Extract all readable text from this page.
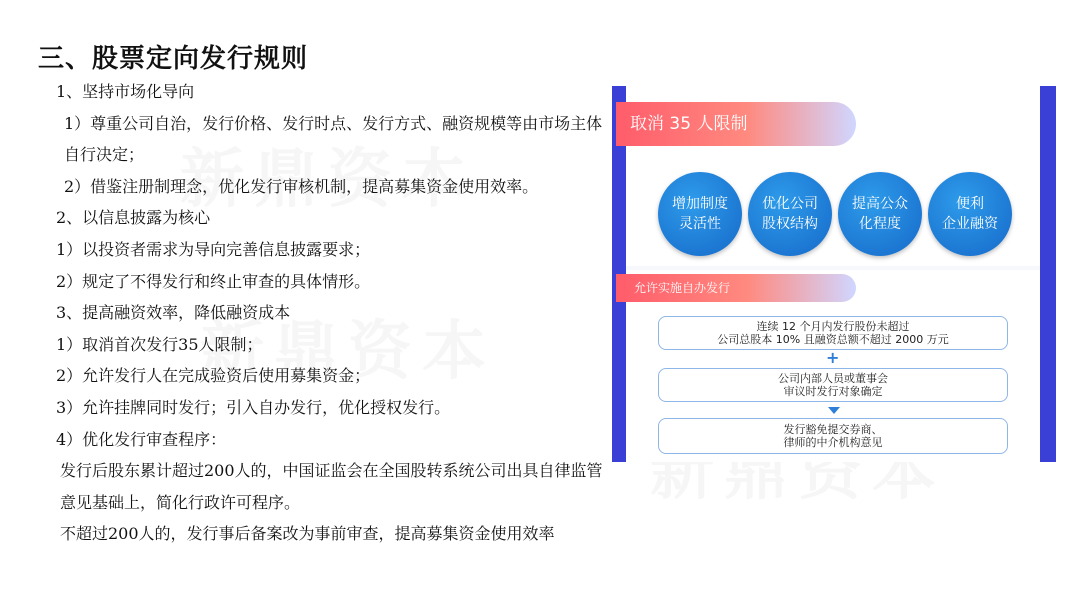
三、股票定向发行规则
1、坚持市场化导向
1）尊重公司自治，发行价格、发行时点、发行方式、融资规模等由市场主体自行决定；
2）借鉴注册制理念，优化发行审核机制，提高募集资金使用效率。
2、以信息披露为核心
1）以投资者需求为导向完善信息披露要求；
2）规定了不得发行和终止审查的具体情形。
3、提高融资效率，降低融资成本
1）取消首次发行35人限制；
2）允许发行人在完成验资后使用募集资金；
3）允许挂牌同时发行；引入自办发行，优化授权发行。
4）优化发行审查程序：
发行后股东累计超过200人的，中国证监会在全国股转系统公司出具自律监管意见基础上，简化行政许可程序。
不超过200人的，发行事后备案改为事前审查，提高募集资金使用效率
取消 35 人限制
增加制度
灵活性
优化公司
股权结构
提高公众
化程度
便利
企业融资
允许实施自办发行
连续 12 个月内发行股份未超过
公司总股本 10% 且融资总额不超过 2000 万元
+
公司内部人员或董事会
审议时发行对象确定
发行豁免提交券商、
律师的中介机构意见
